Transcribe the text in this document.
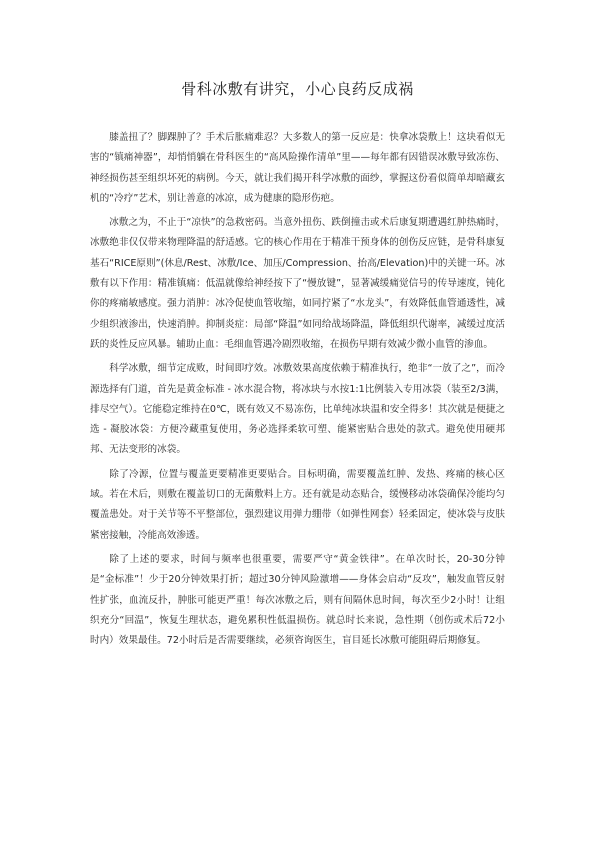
骨科冰敷有讲究，小心良药反成祸

膝盖扭了？脚踝肿了？手术后胀痛难忍？大多数人的第一反应是：快拿冰袋敷上！这块看似无害的“镇痛神器”，却悄悄躺在骨科医生的“高风险操作清单”里——每年都有因错误冰敷导致冻伤、神经损伤甚至组织坏死的病例。今天，就让我们揭开科学冰敷的面纱，掌握这份看似简单却暗藏玄机的“冷疗”艺术，别让善意的冰凉，成为健康的隐形伤疤。

冰敷之为，不止于“凉快”的急救密码。当意外扭伤、跌倒撞击或术后康复期遭遇红肿热痛时，冰敷绝非仅仅带来物理降温的舒适感。它的核心作用在于精准干预身体的创伤反应链，是骨科康复基石“RICE原则”(休息/Rest、冰敷/Ice、加压/Compression、抬高/Elevation)中的关键一环。冰敷有以下作用：精准镇痛：低温就像给神经按下了“慢放键”，显著减缓痛觉信号的传导速度，钝化你的疼痛敏感度。强力消肿：冰冷促使血管收缩，如同拧紧了“水龙头”，有效降低血管通透性，减少组织液渗出，快速消肿。抑制炎症：局部“降温”如同给战场降温，降低组织代谢率，减缓过度活跃的炎性反应风暴。辅助止血：毛细血管遇冷剧烈收缩，在损伤早期有效减少微小血管的渗血。

科学冰敷，细节定成败，时间即疗效。冰敷效果高度依赖于精准执行，绝非“一放了之”，而冷源选择有门道，首先是黄金标准 - 冰水混合物，将冰块与水按1:1比例装入专用冰袋（装至2/3满，排尽空气）。它能稳定维持在0℃，既有效又不易冻伤，比单纯冰块温和安全得多！其次就是便捷之选 - 凝胶冰袋：方便冷藏重复使用，务必选择柔软可塑、能紧密贴合患处的款式。避免使用硬邦邦、无法变形的冰袋。

除了冷源，位置与覆盖更要精准更要贴合。目标明确，需要覆盖红肿、发热、疼痛的核心区域。若在术后，则敷在覆盖切口的无菌敷料上方。还有就是动态贴合，缓慢移动冰袋确保冷能均匀覆盖患处。对于关节等不平整部位，强烈建议用弹力绷带（如弹性网套）轻柔固定，使冰袋与皮肤紧密接触，冷能高效渗透。

除了上述的要求，时间与频率也很重要，需要严守“黄金铁律”。在单次时长，20-30分钟是“金标准”！少于20分钟效果打折；超过30分钟风险激增——身体会启动“反攻”，触发血管反射性扩张，血流反扑，肿胀可能更严重！每次冰敷之后，则有间隔休息时间，每次至少2小时！让组织充分“回温”，恢复生理状态，避免累积性低温损伤。就总时长来说，急性期（创伤或术后72小时内）效果最佳。72小时后是否需要继续，必须咨询医生，盲目延长冰敷可能阻碍后期修复。
